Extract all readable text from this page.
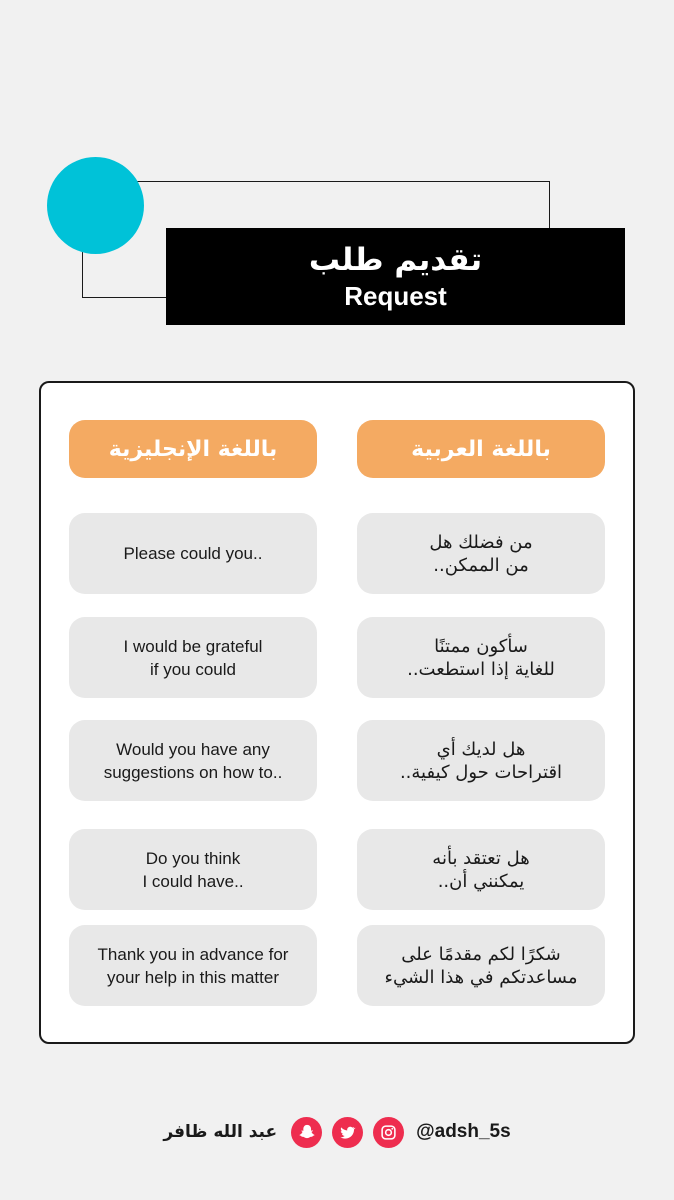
تقديم طلب
Request
باللغة العربية
باللغة الإنجليزية
من فضلك هل
من الممكن..
Please could you..
سأكون ممتنًا
للغاية إذا استطعت..
I would be grateful
if you could
هل لديك أي
اقتراحات حول كيفية..
Would you have any
suggestions on how to..
هل تعتقد بأنه
يمكنني أن..
Do you think
I could have..
شكرًا لكم مقدمًا على
مساعدتكم في هذا الشيء
Thank you in advance for
your help in this matter
عبد الله ظافر	@adsh_5s
